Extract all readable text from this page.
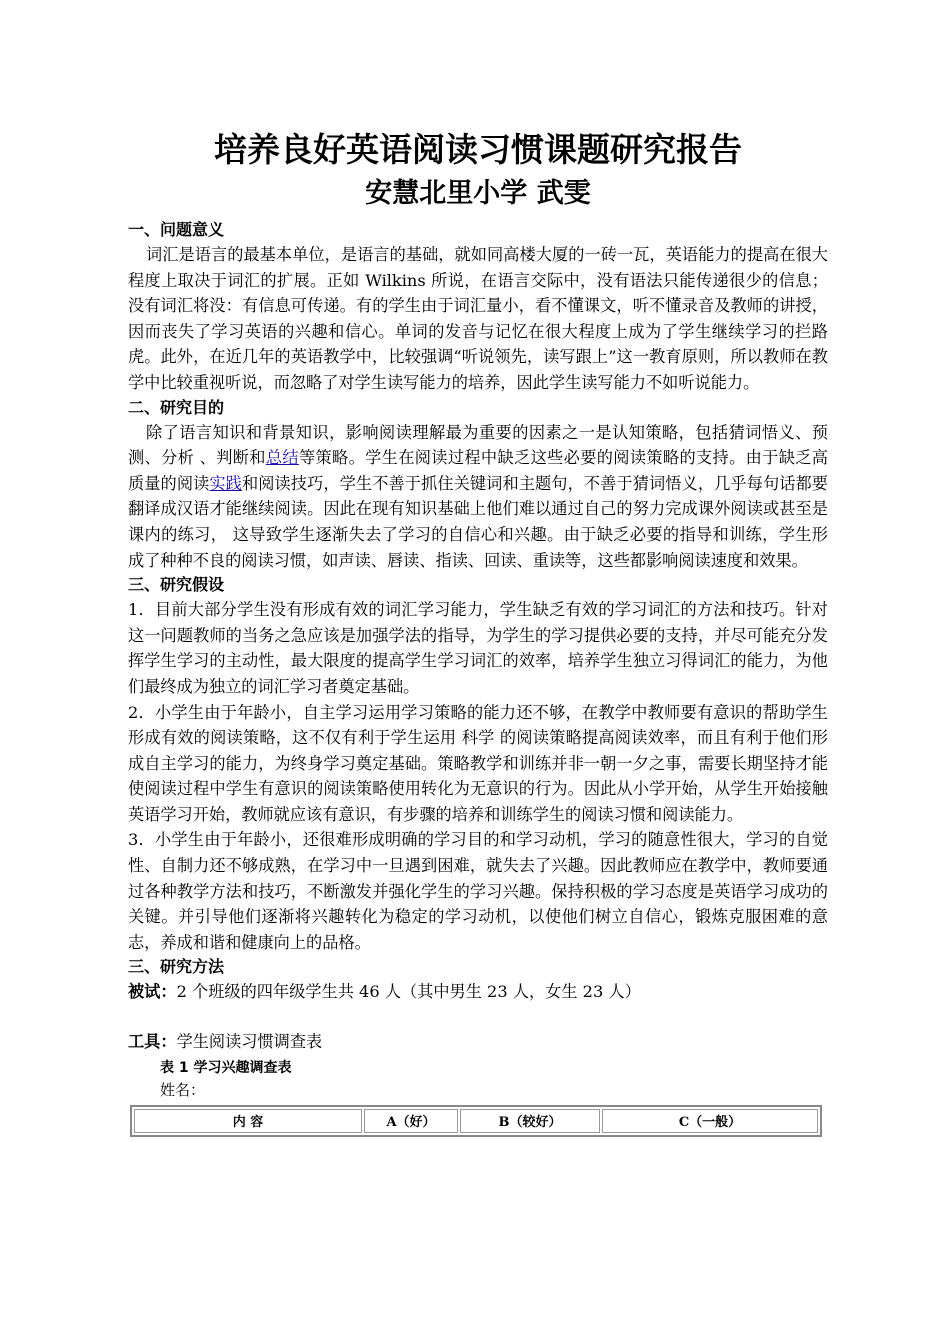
培养良好英语阅读习惯课题研究报告
安慧北里小学 武雯

一、问题意义

词汇是语言的最基本单位，是语言的基础，就如同高楼大厦的一砖一瓦，英语能力的提高在很大程度上取决于词汇的扩展。正如 Wilkins 所说，在语言交际中，没有语法只能传递很少的信息；没有词汇将没：有信息可传递。有的学生由于词汇量小，看不懂课文，听不懂录音及教师的讲授，因而丧失了学习英语的兴趣和信心。单词的发音与记忆在很大程度上成为了学生继续学习的拦路虎。此外，在近几年的英语教学中，比较强调“听说领先，读写跟上”这一教育原则，所以教师在教学中比较重视听说，而忽略了对学生读写能力的培养，因此学生读写能力不如听说能力。

二、研究目的

除了语言知识和背景知识，影响阅读理解最为重要的因素之一是认知策略，包括猜词悟义、预测、分析 、判断和总结等策略。学生在阅读过程中缺乏这些必要的阅读策略的支持。由于缺乏高质量的阅读实践和阅读技巧，学生不善于抓住关键词和主题句，不善于猜词悟义，几乎每句话都要翻译成汉语才能继续阅读。因此在现有知识基础上他们难以通过自己的努力完成课外阅读或甚至是课内的练习， 这导致学生逐渐失去了学习的自信心和兴趣。由于缺乏必要的指导和训练，学生形成了种种不良的阅读习惯，如声读、唇读、指读、回读、重读等，这些都影响阅读速度和效果。

三、研究假设

1．目前大部分学生没有形成有效的词汇学习能力，学生缺乏有效的学习词汇的方法和技巧。针对这一问题教师的当务之急应该是加强学法的指导，为学生的学习提供必要的支持，并尽可能充分发挥学生学习的主动性，最大限度的提高学生学习词汇的效率，培养学生独立习得词汇的能力，为他们最终成为独立的词汇学习者奠定基础。

2．小学生由于年龄小，自主学习运用学习策略的能力还不够，在教学中教师要有意识的帮助学生形成有效的阅读策略，这不仅有利于学生运用 科学 的阅读策略提高阅读效率，而且有利于他们形成自主学习的能力，为终身学习奠定基础。策略教学和训练并非一朝一夕之事，需要长期坚持才能使阅读过程中学生有意识的阅读策略使用转化为无意识的行为。因此从小学开始，从学生开始接触英语学习开始，教师就应该有意识，有步骤的培养和训练学生的阅读习惯和阅读能力。

3．小学生由于年龄小，还很难形成明确的学习目的和学习动机，学习的随意性很大，学习的自觉性、自制力还不够成熟，在学习中一旦遇到困难，就失去了兴趣。因此教师应在教学中，教师要通过各种教学方法和技巧，不断激发并强化学生的学习兴趣。保持积极的学习态度是英语学习成功的关键。并引导他们逐渐将兴趣转化为稳定的学习动机，以使他们树立自信心，锻炼克服困难的意志，养成和谐和健康向上的品格。

三、研究方法

被试：2 个班级的四年级学生共 46 人（其中男生 23 人，女生 23 人）

工具：学生阅读习惯调查表

表 1 学习兴趣调查表

姓名：

内 容	A（好）	B（较好）	C（一般）
